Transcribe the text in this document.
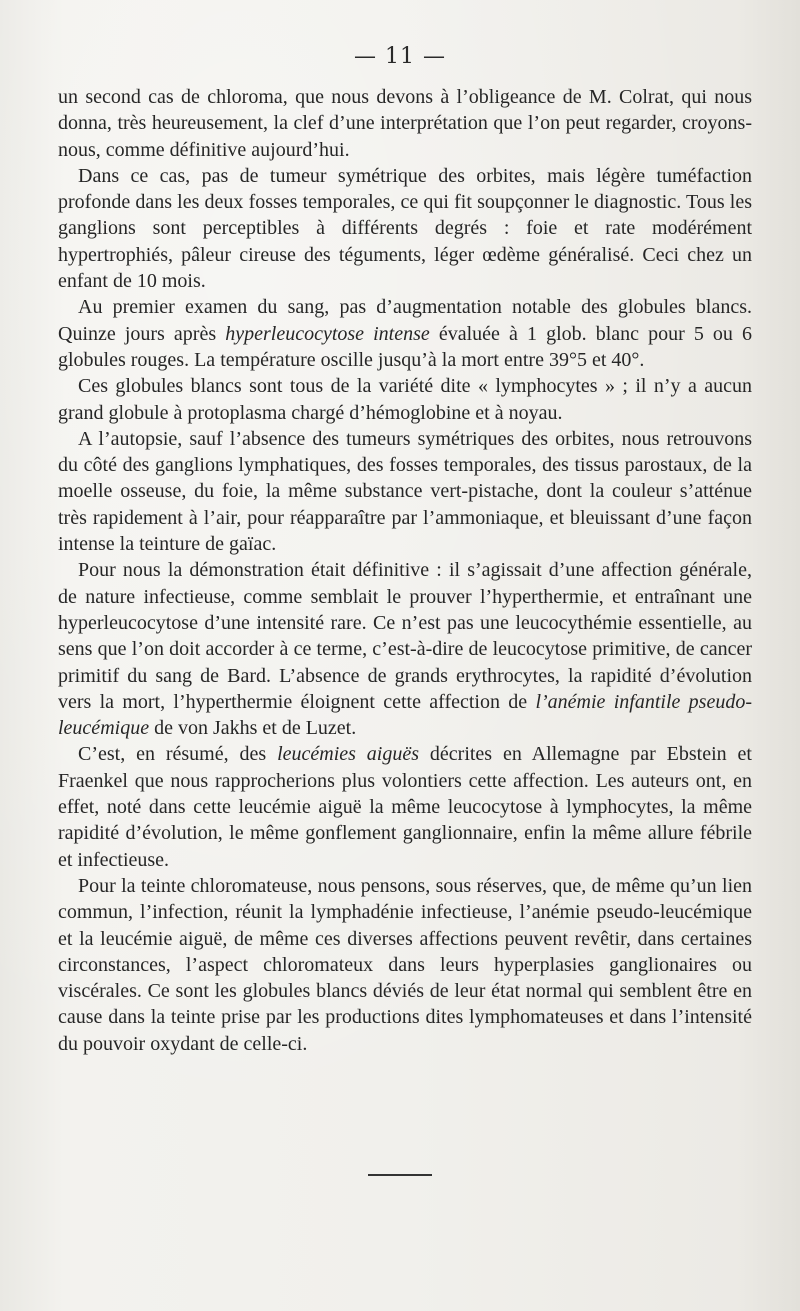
— 11 —

un second cas de chloroma, que nous devons à l’obligeance de M. Colrat, qui nous donna, très heureusement, la clef d’une interprétation que l’on peut regarder, croyons-nous, comme définitive aujourd’hui.

Dans ce cas, pas de tumeur symétrique des orbites, mais légère tuméfaction profonde dans les deux fosses temporales, ce qui fit soupçonner le diagnostic. Tous les ganglions sont perceptibles à différents degrés : foie et rate modérément hypertrophiés, pâleur cireuse des téguments, léger œdème généralisé. Ceci chez un enfant de 10 mois.

Au premier examen du sang, pas d’augmentation notable des globules blancs. Quinze jours après hyperleucocytose intense évaluée à 1 glob. blanc pour 5 ou 6 globules rouges. La température oscille jusqu’à la mort entre 39°5 et 40°.

Ces globules blancs sont tous de la variété dite « lymphocytes » ; il n’y a aucun grand globule à protoplasma chargé d’hémoglobine et à noyau.

A l’autopsie, sauf l’absence des tumeurs symétriques des orbites, nous retrouvons du côté des ganglions lymphatiques, des fosses temporales, des tissus parostaux, de la moelle osseuse, du foie, la même substance vert-pistache, dont la couleur s’atténue très rapidement à l’air, pour réapparaître par l’ammoniaque, et bleuissant d’une façon intense la teinture de gaïac.

Pour nous la démonstration était définitive : il s’agissait d’une affection générale, de nature infectieuse, comme semblait le prouver l’hyperthermie, et entraînant une hyperleucocytose d’une intensité rare. Ce n’est pas une leucocythémie essentielle, au sens que l’on doit accorder à ce terme, c’est-à-dire de leucocytose primitive, de cancer primitif du sang de Bard. L’absence de grands erythrocytes, la rapidité d’évolution vers la mort, l’hyperthermie éloignent cette affection de l’anémie infantile pseudo-leucémique de von Jakhs et de Luzet.

C’est, en résumé, des leucémies aiguës décrites en Allemagne par Ebstein et Fraenkel que nous rapprocherions plus volontiers cette affection. Les auteurs ont, en effet, noté dans cette leucémie aiguë la même leucocytose à lymphocytes, la même rapidité d’évolution, le même gonflement ganglionnaire, enfin la même allure fébrile et infectieuse.

Pour la teinte chloromateuse, nous pensons, sous réserves, que, de même qu’un lien commun, l’infection, réunit la lymphadénie infectieuse, l’anémie pseudo-leucémique et la leucémie aiguë, de même ces diverses affections peuvent revêtir, dans certaines circonstances, l’aspect chloromateux dans leurs hyperplasies ganglionaires ou viscérales. Ce sont les globules blancs déviés de leur état normal qui semblent être en cause dans la teinte prise par les productions dites lymphomateuses et dans l’intensité du pouvoir oxydant de celle-ci.
